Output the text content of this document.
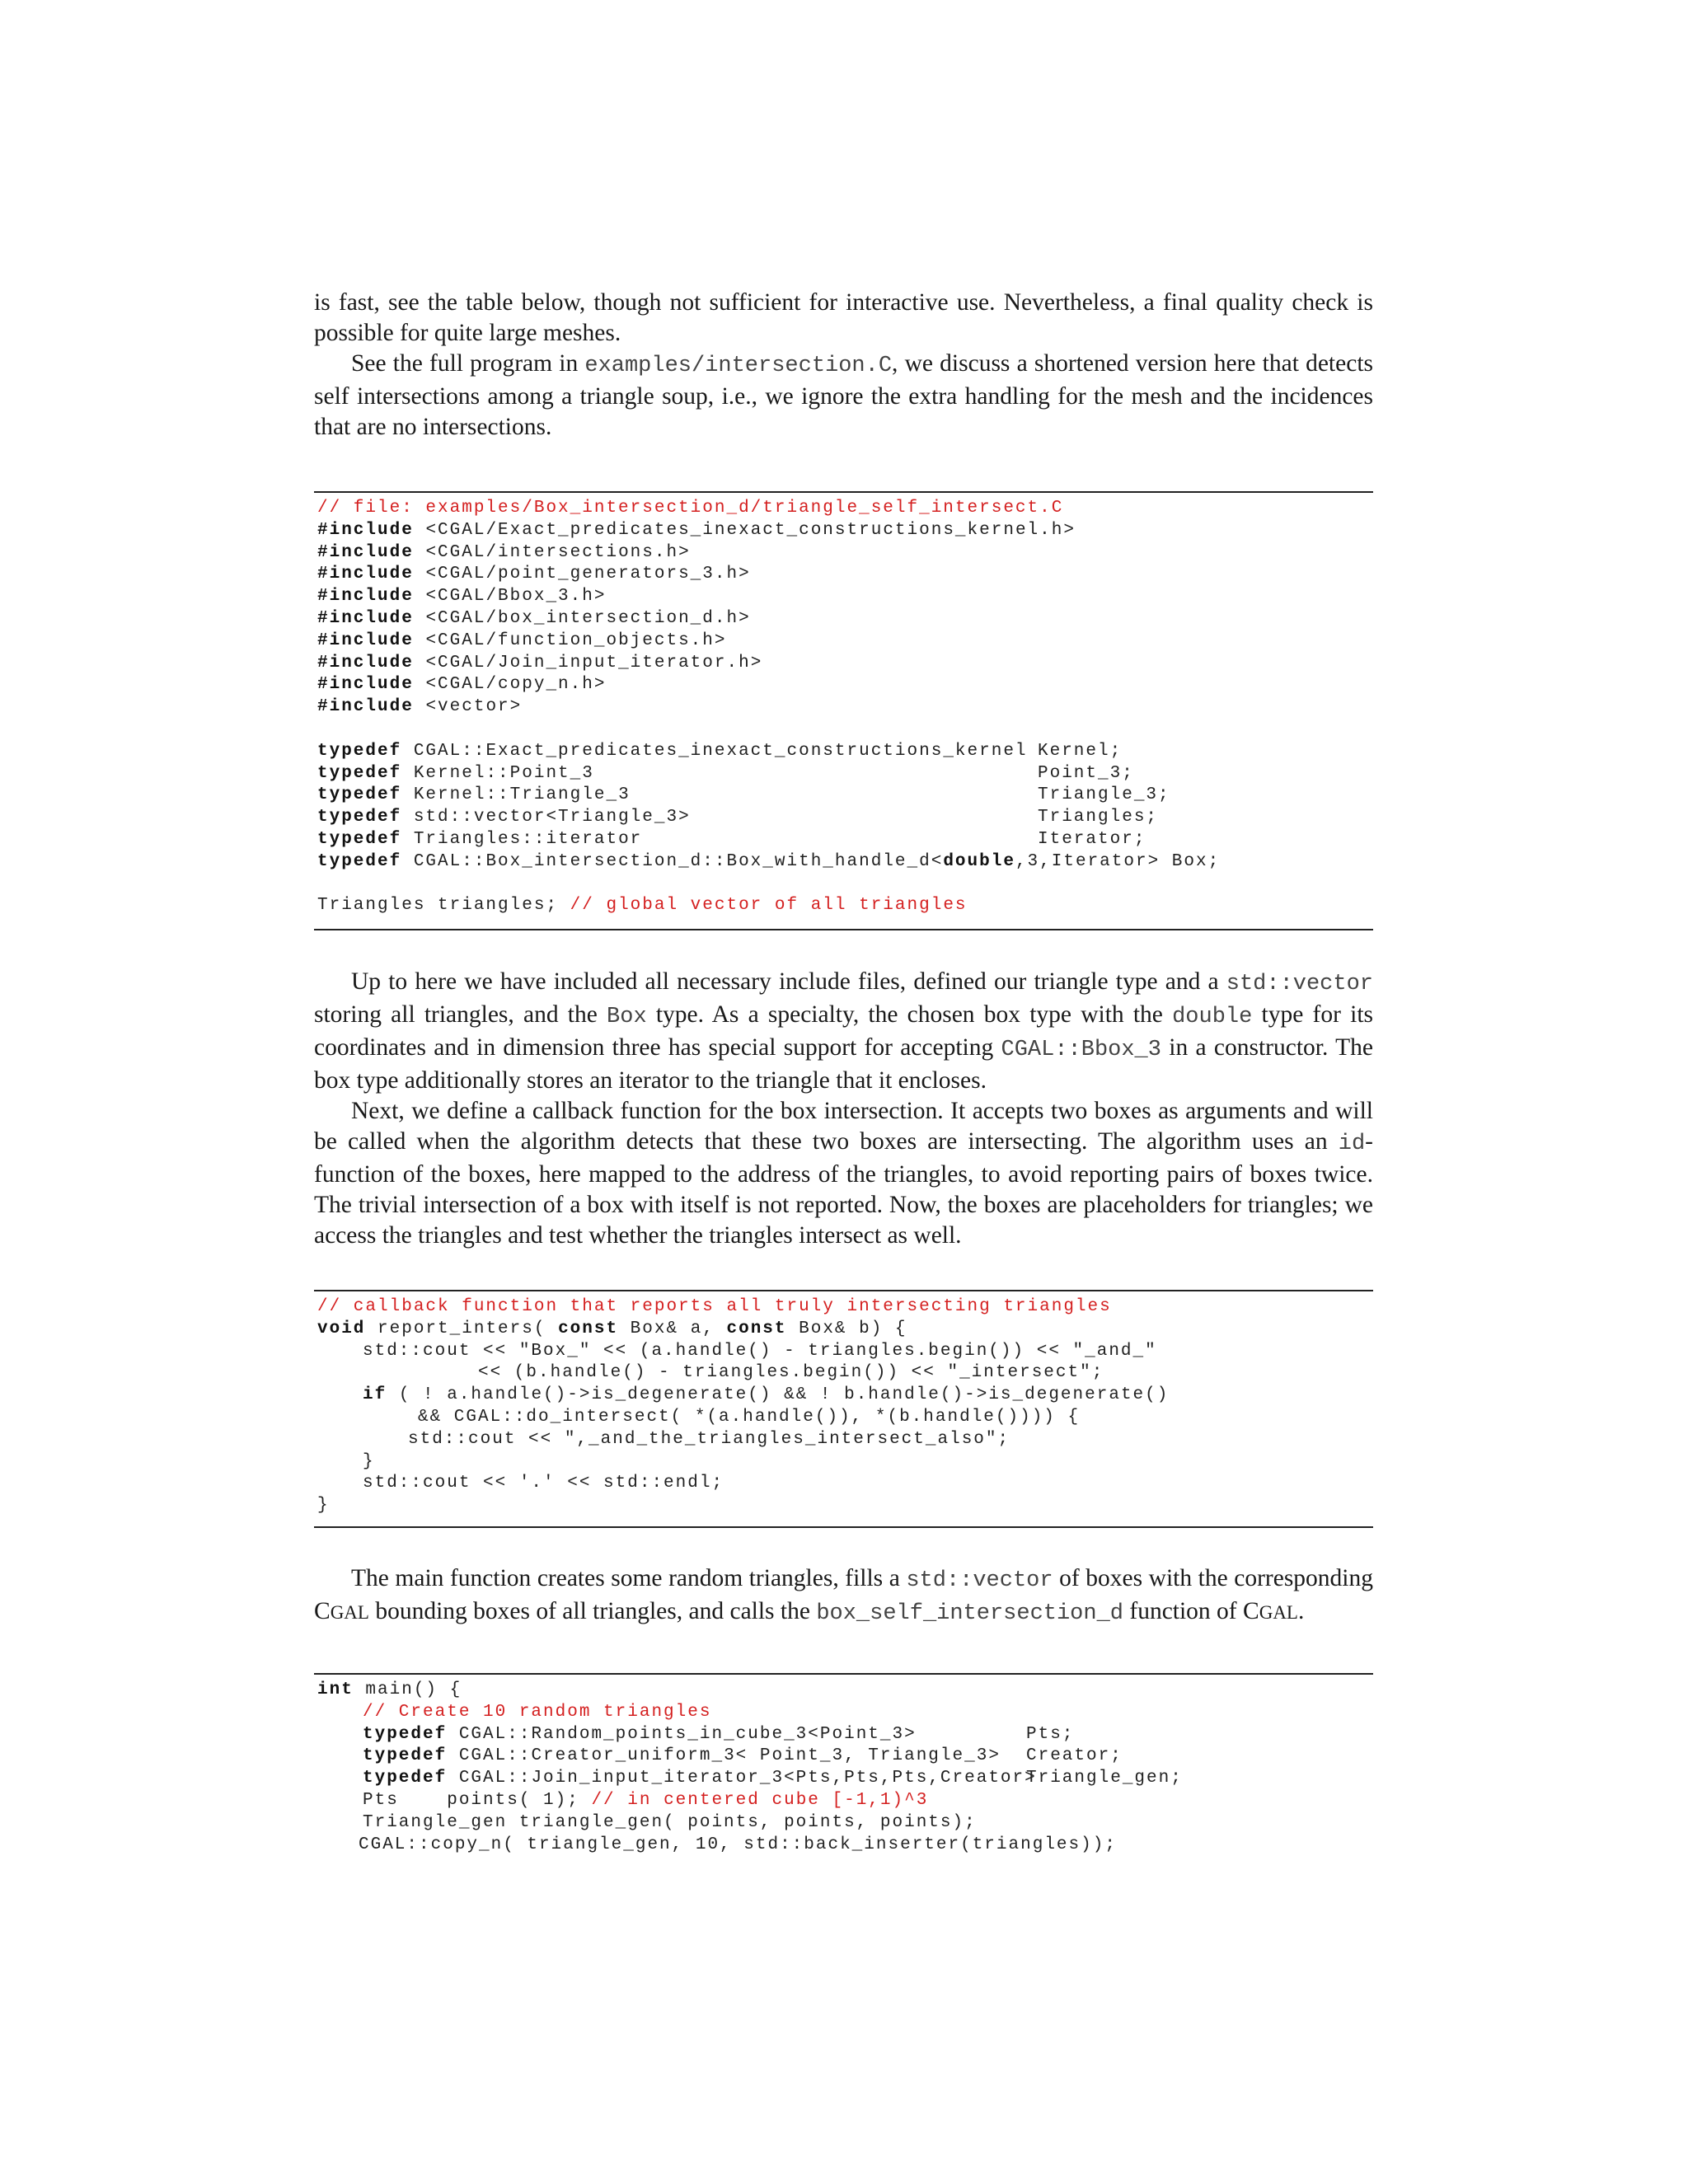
is fast, see the table below, though not sufficient for interactive use. Nevertheless, a final quality check is possible for quite large meshes.

See the full program in examples/intersection.C, we discuss a shortened version here that detects self intersections among a triangle soup, i.e., we ignore the extra handling for the mesh and the incidences that are no intersections.

// file: examples/Box_intersection_d/triangle_self_intersect.C
#include <CGAL/Exact_predicates_inexact_constructions_kernel.h>
#include <CGAL/intersections.h>
#include <CGAL/point_generators_3.h>
#include <CGAL/Bbox_3.h>
#include <CGAL/box_intersection_d.h>
#include <CGAL/function_objects.h>
#include <CGAL/Join_input_iterator.h>
#include <CGAL/copy_n.h>
#include <vector>
typedef CGAL::Exact_predicates_inexact_constructions_kernel Kernel;
typedef Kernel::Point_3	Point_3;
typedef Kernel::Triangle_3	Triangle_3;
typedef std::vector<Triangle_3>	Triangles;
typedef Triangles::iterator	Iterator;
typedef CGAL::Box_intersection_d::Box_with_handle_d<double,3,Iterator> Box;
Triangles triangles; // global vector of all triangles

Up to here we have included all necessary include files, defined our triangle type and a std::vector storing all triangles, and the Box type. As a specialty, the chosen box type with the double type for its coordinates and in dimension three has special support for accepting CGAL::Bbox_3 in a constructor. The box type additionally stores an iterator to the triangle that it encloses.

Next, we define a callback function for the box intersection. It accepts two boxes as arguments and will be called when the algorithm detects that these two boxes are intersecting. The algorithm uses an id-function of the boxes, here mapped to the address of the triangles, to avoid reporting pairs of boxes twice. The trivial intersection of a box with itself is not reported. Now, the boxes are placeholders for triangles; we access the triangles and test whether the triangles intersect as well.

// callback function that reports all truly intersecting triangles
void report_inters( const Box& a, const Box& b) {
std::cout << "Box_" << (a.handle() - triangles.begin()) << "_and_"
<< (b.handle() - triangles.begin()) << "_intersect";
if ( ! a.handle()->is_degenerate() && ! b.handle()->is_degenerate()
&& CGAL::do_intersect( *(a.handle()), *(b.handle()))) {
std::cout << ",_and_the_triangles_intersect_also";
}
std::cout << '.' << std::endl;
}

The main function creates some random triangles, fills a std::vector of boxes with the corresponding CGAL bounding boxes of all triangles, and calls the box_self_intersection_d function of CGAL.

int main() {
// Create 10 random triangles
typedef CGAL::Random_points_in_cube_3<Point_3>	Pts;
typedef CGAL::Creator_uniform_3< Point_3, Triangle_3> Creator;
typedef CGAL::Join_input_iterator_3<Pts,Pts,Pts,Creator>
Triangle_gen;
Pts    points( 1); // in centered cube [-1,1)^3
Triangle_gen triangle_gen( points, points, points);
CGAL::copy_n( triangle_gen, 10, std::back_inserter(triangles));
